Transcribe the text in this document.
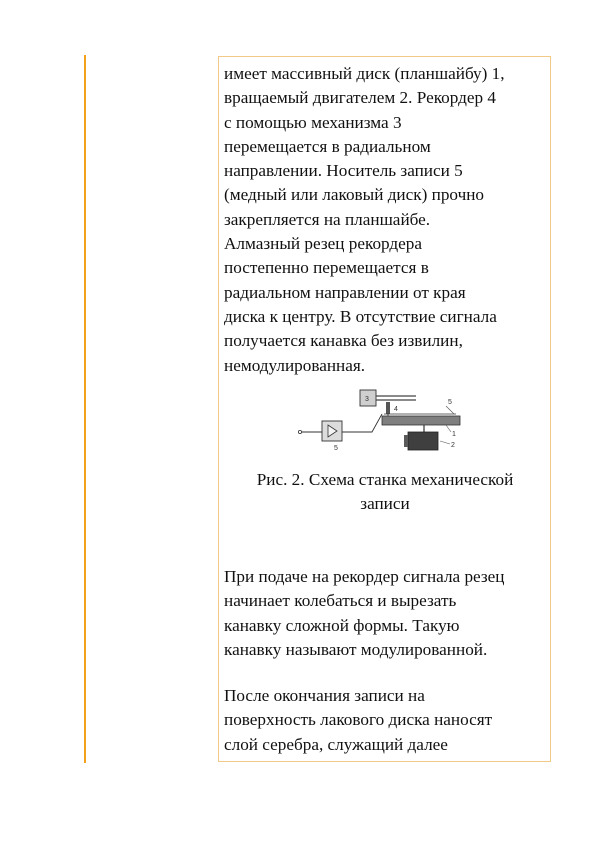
имеет массивный диск (планшайбу) 1,
вращаемый двигателем 2. Рекордер 4
с помощью механизма 3
перемещается в радиальном
направлении. Носитель записи 5
(медный или лаковый диск) прочно
закрепляется на планшайбе.
Алмазный резец рекордера
постепенно перемещается в
радиальном направлении от края
диска к центру. В отсутствие сигнала
получается канавка без извилин,
немодулированная.

5
3
4
5
1
2

Рис. 2. Схема станка механической
записи

При подаче на рекордер сигнала резец
начинает колебаться и вырезать
канавку сложной формы. Такую
канавку называют модулированной.

После окончания записи на
поверхность лакового диска наносят
слой серебра, служащий далее
